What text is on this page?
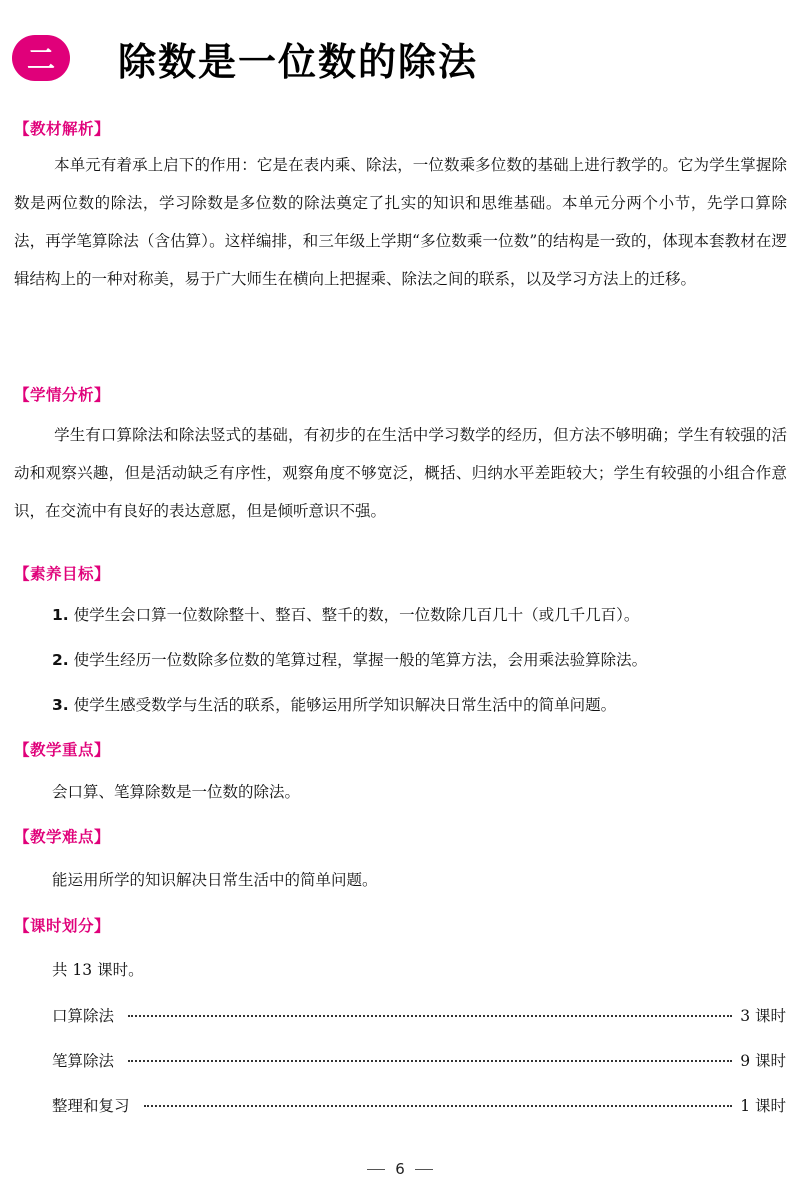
二	除数是一位数的除法
【教材解析】

本单元有着承上启下的作用：它是在表内乘、除法，一位数乘多位数的基础上进行教学的。它为学生掌握除数是两位数的除法，学习除数是多位数的除法奠定了扎实的知识和思维基础。本单元分两个小节，先学口算除法，再学笔算除法（含估算）。这样编排，和三年级上学期“多位数乘一位数”的结构是一致的，体现本套教材在逻辑结构上的一种对称美，易于广大师生在横向上把握乘、除法之间的联系，以及学习方法上的迁移。

【学情分析】

学生有口算除法和除法竖式的基础，有初步的在生活中学习数学的经历，但方法不够明确；学生有较强的活动和观察兴趣，但是活动缺乏有序性，观察角度不够宽泛，概括、归纳水平差距较大；学生有较强的小组合作意识，在交流中有良好的表达意愿，但是倾听意识不强。

【素养目标】
1. 使学生会口算一位数除整十、整百、整千的数，一位数除几百几十（或几千几百）。
2. 使学生经历一位数除多位数的笔算过程，掌握一般的笔算方法，会用乘法验算除法。
3. 使学生感受数学与生活的联系，能够运用所学知识解决日常生活中的简单问题。
【教学重点】
会口算、笔算除数是一位数的除法。
【教学难点】
能运用所学的知识解决日常生活中的简单问题。
【课时划分】
共 13 课时。
口算除法	3 课时
笔算除法	9 课时
整理和复习	1 课时
6
